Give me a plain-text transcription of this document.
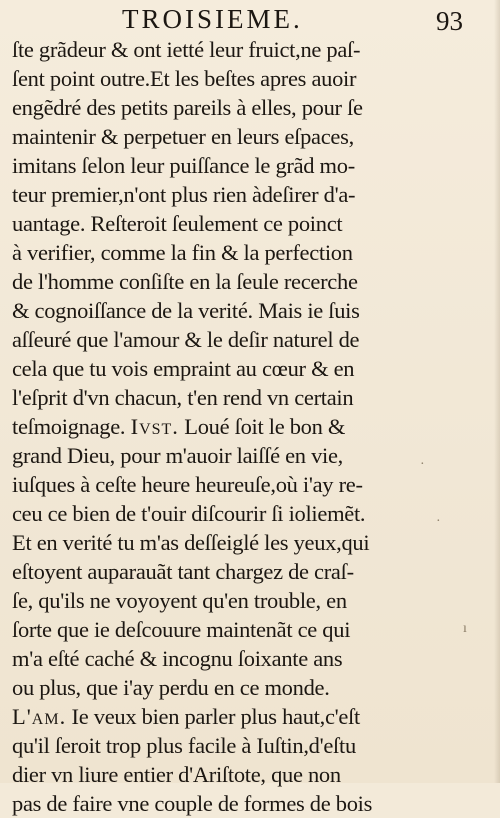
TROISIEME.	93
ſte grãdeur & ont ietté leur fruict,ne paſ-
ſent point outre.Et les beſtes apres auoir
engẽdré des petits pareils à elles, pour ſe
maintenir & perpetuer en leurs eſpaces,
imitans ſelon leur puiſſance le grãd mo-
teur premier,n'ont plus rien àdeſirer d'a-
uantage. Reſteroit ſeulement ce poinct
à verifier, comme la fin & la perfection
de l'homme conſiſte en la ſeule recerche
& cognoiſſance de la verité. Mais ie ſuis
aſſeuré que l'amour & le deſir naturel de
cela que tu vois empraint au cœur & en
l'eſprit d'vn chacun, t'en rend vn certain
teſmoignage. Ivst. Loué ſoit le bon &
grand Dieu, pour m'auoir laiſſé en vie,
iuſques à ceſte heure heureuſe,où i'ay re-
ceu ce bien de t'ouir diſcourir ſi ioliemẽt.
Et en verité tu m'as deſſeiglé les yeux,qui
eſtoyent auparauãt tant chargez de craſ-
ſe, qu'ils ne voyoyent qu'en trouble, en
ſorte que ie deſcouure maintenãt ce qui
m'a eſté caché & incognu ſoixante ans
ou plus, que i'ay perdu en ce monde.
L'am. Ie veux bien parler plus haut,c'eſt
qu'il ſeroit trop plus facile à Iuſtin,d'eſtu
dier vn liure entier d'Ariſtote, que non
pas de faire vne couple de formes de bois
·
·
ı
